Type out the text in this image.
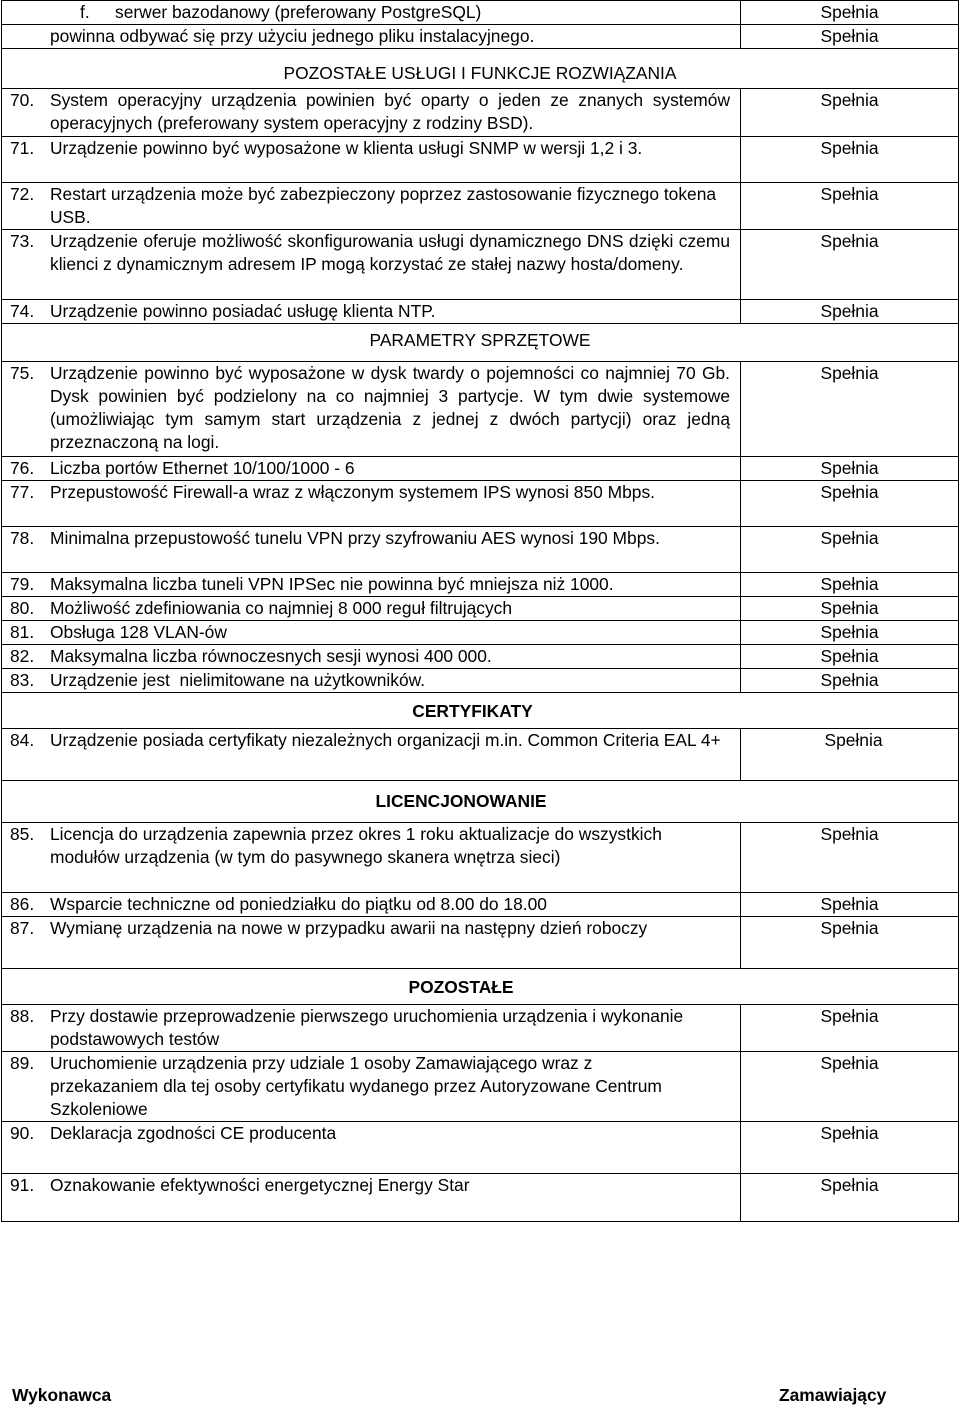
f. serwer bazodanowy (preferowany PostgreSQL)	Spełnia

powinna odbywać się przy użyciu jednego pliku instalacyjnego.	Spełnia

POZOSTAŁE USŁUGI I FUNKCJE ROZWIĄZANIA	

70. System operacyjny urządzenia powinien być oparty o jeden ze znanych systemów operacyjnych (preferowany system operacyjny z rodziny BSD).	Spełnia

71. Urządzenie powinno być wyposażone w klienta usługi SNMP w wersji 1,2 i 3.	Spełnia

72. Restart urządzenia może być zabezpieczony poprzez zastosowanie fizycznego tokena USB.	Spełnia

73. Urządzenie oferuje możliwość skonfigurowania usługi dynamicznego DNS dzięki czemu klienci z dynamicznym adresem IP mogą korzystać ze stałej nazwy hosta/domeny.	Spełnia

74. Urządzenie powinno posiadać usługę klienta NTP.	Spełnia

PARAMETRY SPRZĘTOWE	

75. Urządzenie powinno być wyposażone w dysk twardy o pojemności co najmniej 70 Gb. Dysk powinien być podzielony na co najmniej 3 partycje. W tym dwie systemowe (umożliwiając tym samym start urządzenia z jednej z dwóch partycji) oraz jedną przeznaczoną na logi.	Spełnia

76. Liczba portów Ethernet 10/100/1000 - 6	Spełnia

77. Przepustowość Firewall-a wraz z włączonym systemem IPS wynosi 850 Mbps.	Spełnia

78. Minimalna przepustowość tunelu VPN przy szyfrowaniu AES wynosi 190 Mbps.	Spełnia

79. Maksymalna liczba tuneli VPN IPSec nie powinna być mniejsza niż 1000.	Spełnia

80. Możliwość zdefiniowania co najmniej 8 000 reguł filtrujących	Spełnia

81. Obsługa 128 VLAN-ów	Spełnia

82. Maksymalna liczba równoczesnych sesji wynosi 400 000.	Spełnia

83. Urządzenie jest  nielimitowane na użytkowników.	Spełnia

CERTYFIKATY	

84. Urządzenie posiada certyfikaty niezależnych organizacji m.in. Common Criteria EAL 4+	Spełnia

LICENCJONOWANIE	

85. Licencja do urządzenia zapewnia przez okres 1 roku aktualizacje do wszystkich modułów urządzenia (w tym do pasywnego skanera wnętrza sieci)	Spełnia

86. Wsparcie techniczne od poniedziałku do piątku od 8.00 do 18.00	Spełnia

87. Wymianę urządzenia na nowe w przypadku awarii na następny dzień roboczy	Spełnia

POZOSTAŁE	

88. Przy dostawie przeprowadzenie pierwszego uruchomienia urządzenia i wykonanie podstawowych testów	Spełnia

89. Uruchomienie urządzenia przy udziale 1 osoby Zamawiającego wraz z przekazaniem dla tej osoby certyfikatu wydanego przez Autoryzowane Centrum Szkoleniowe	Spełnia

90. Deklaracja zgodności CE producenta	Spełnia

91. Oznakowanie efektywności energetycznej Energy Star	Spełnia
Wykonawca	Zamawiający
